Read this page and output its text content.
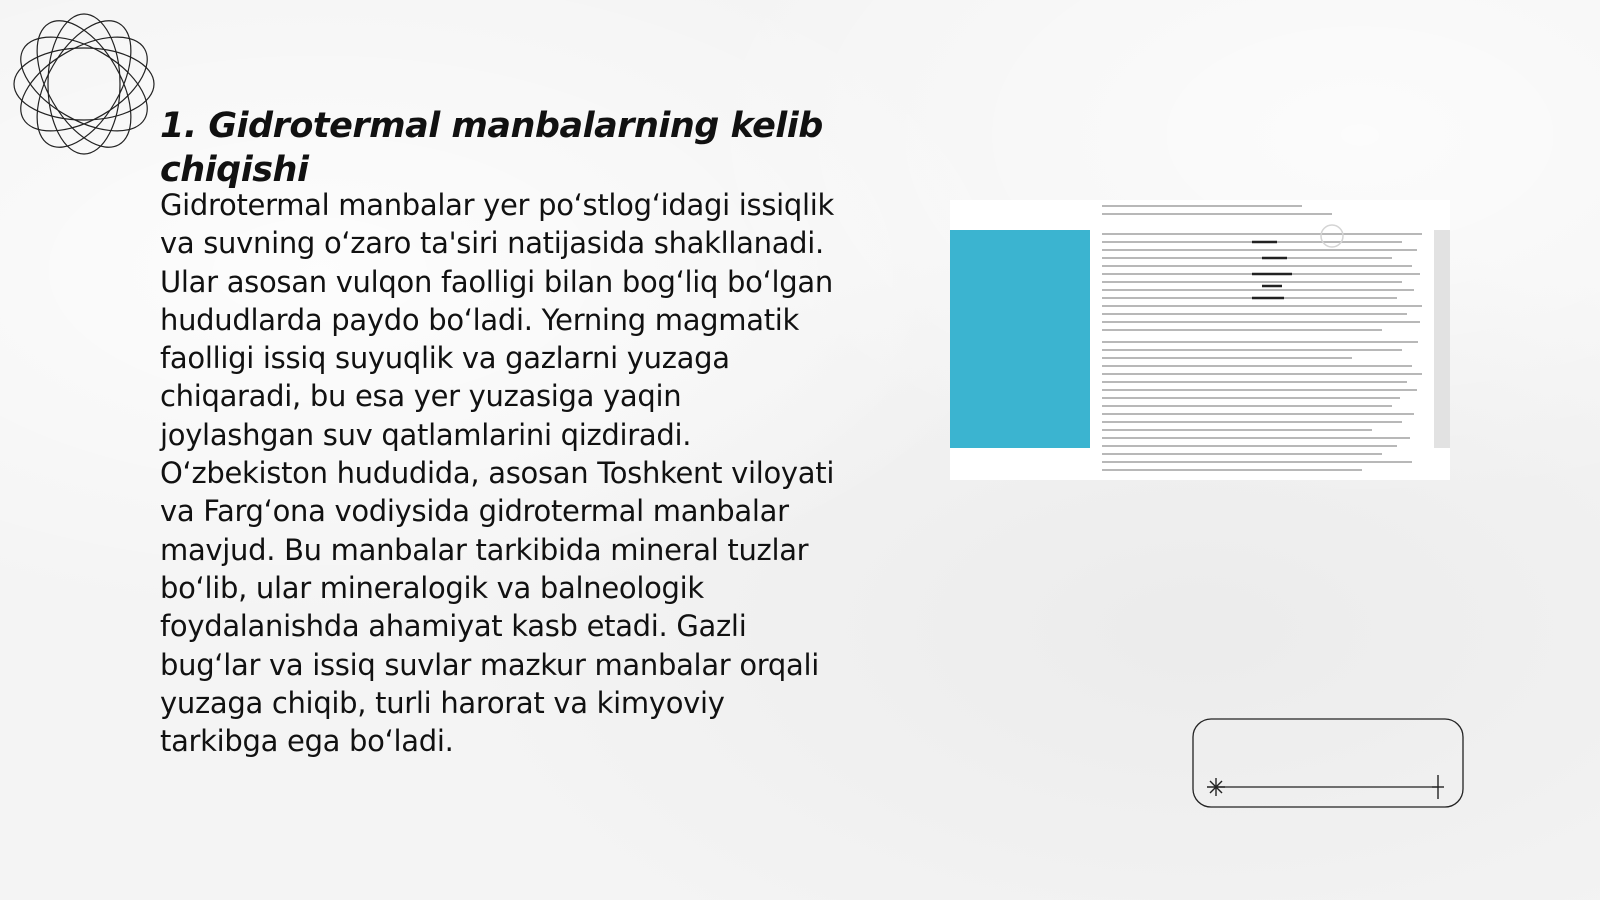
1. Gidrotermal manbalarning kelib chiqishi

Gidrotermal manbalar yer po‘stlog‘idagi issiqlik va suvning o‘zaro ta'siri natijasida shakllanadi. Ular asosan vulqon faolligi bilan bog‘liq bo‘lgan hududlarda paydo bo‘ladi. Yerning magmatik faolligi issiq suyuqlik va gazlarni yuzaga chiqaradi, bu esa yer yuzasiga yaqin joylashgan suv qatlamlarini qizdiradi. O‘zbekiston hududida, asosan Toshkent viloyati va Farg‘ona vodiysida gidrotermal manbalar mavjud. Bu manbalar tarkibida mineral tuzlar bo‘lib, ular mineralogik va balneologik foydalanishda ahamiyat kasb etadi. Gazli bug‘lar va issiq suvlar mazkur manbalar orqali yuzaga chiqib, turli harorat va kimyoviy tarkibga ega bo‘ladi.
